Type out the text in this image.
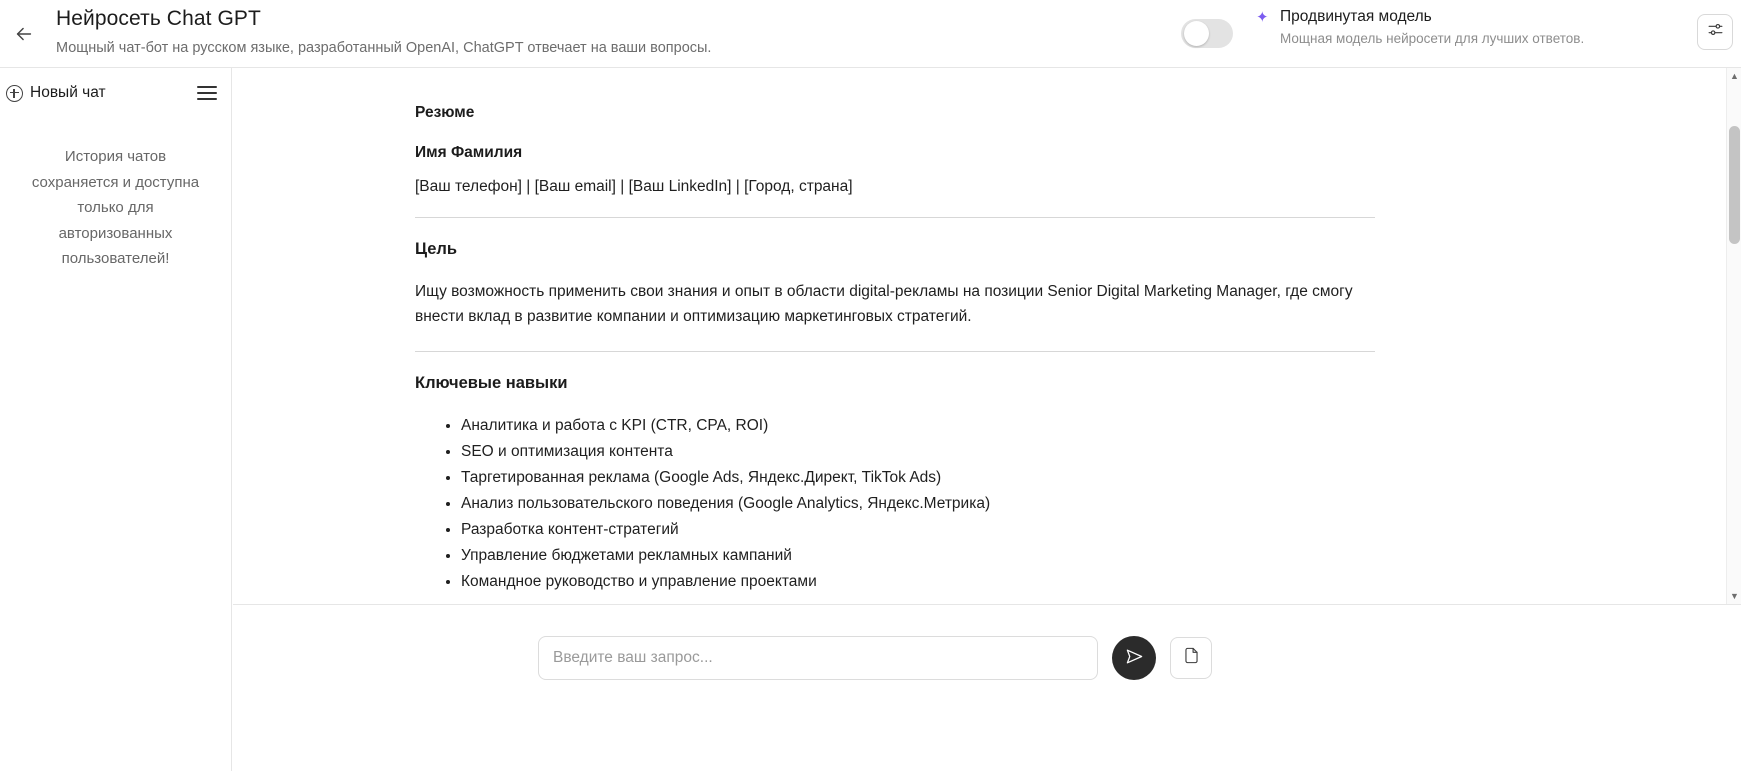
Нейросеть Chat GPT
Мощный чат-бот на русском языке, разработанный OpenAI, ChatGPT отвечает на ваши вопросы.
✦ Продвинутая модель
Мощная модель нейросети для лучших ответов.
Новый чат
История чатов сохраняется и доступна только для авторизованных пользователей!
Резюме
Имя Фамилия

[Ваш телефон] | [Ваш email] | [Ваш LinkedIn] | [Город, страна]

Цель

Ищу возможность применить свои знания и опыт в области digital-рекламы на позиции Senior Digital Marketing Manager, где смогу внести вклад в развитие компании и оптимизацию маркетинговых стратегий.

Ключевые навыки
• Аналитика и работа с KPI (CTR, CPA, ROI)
• SEO и оптимизация контента
• Таргетированная реклама (Google Ads, Яндекс.Директ, TikTok Ads)
• Анализ пользовательского поведения (Google Analytics, Яндекс.Метрика)
• Разработка контент-стратегий
• Управление бюджетами рекламных кампаний
• Командное руководство и управление проектами
▲
▼
Введите ваш запрос...
